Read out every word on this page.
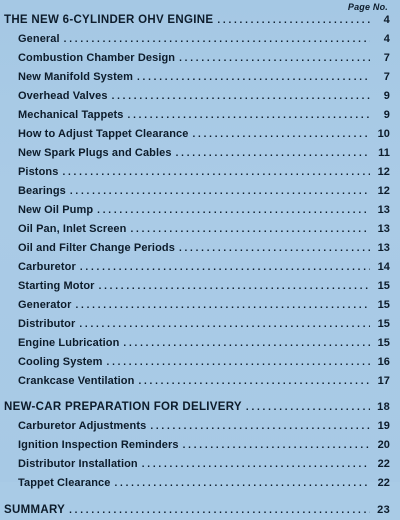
Page No.
THE NEW 6-CYLINDER OHV ENGINE . . .	4
General . . .	4
Combustion Chamber Design . . .	7
New Manifold System . . .	7
Overhead Valves . . .	9
Mechanical Tappets . . .	9
How to Adjust Tappet Clearance . . .	10
New Spark Plugs and Cables . . .	11
Pistons . . .	12
Bearings . . .	12
New Oil Pump . . .	13
Oil Pan, Inlet Screen . . .	13
Oil and Filter Change Periods . . .	13
Carburetor . . .	14
Starting Motor . . .	15
Generator . . .	15
Distributor . . .	15
Engine Lubrication . . .	15
Cooling System . . .	16
Crankcase Ventilation . . .	17
NEW-CAR PREPARATION FOR DELIVERY . . .	18
Carburetor Adjustments . . .	19
Ignition Inspection Reminders . . .	20
Distributor Installation . . .	22
Tappet Clearance . . .	22
SUMMARY . . .	23
